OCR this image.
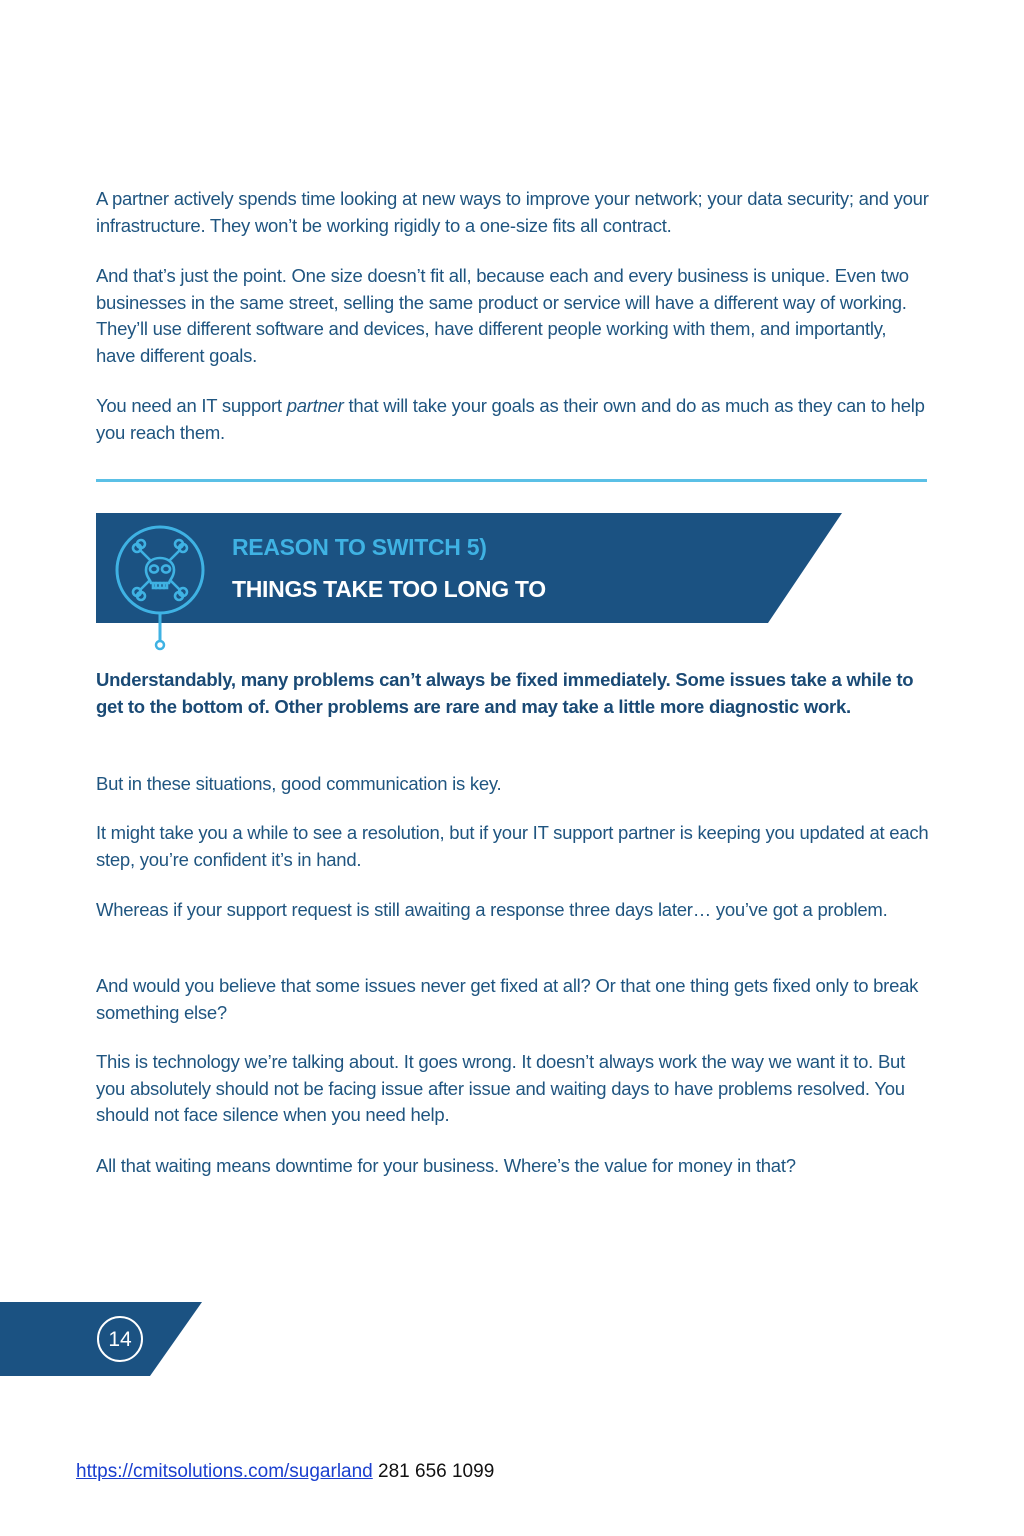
A partner actively spends time looking at new ways to improve your network; your data security; and your infrastructure. They won’t be working rigidly to a one-size fits all contract.

And that’s just the point. One size doesn’t fit all, because each and every business is unique. Even two businesses in the same street, selling the same product or service will have a different way of working. They’ll use different software and devices, have different people working with them, and importantly, have different goals.

You need an IT support partner that will take your goals as their own and do as much as they can to help you reach them.

REASON TO SWITCH 5)
THINGS TAKE TOO LONG TO

Understandably, many problems can’t always be fixed immediately. Some issues take a while to get to the bottom of. Other problems are rare and may take a little more diagnostic work.

But in these situations, good communication is key.

It might take you a while to see a resolution, but if your IT support partner is keeping you updated at each step, you’re confident it’s in hand.

Whereas if your support request is still awaiting a response three days later… you’ve got a problem.

And would you believe that some issues never get fixed at all? Or that one thing gets fixed only to break something else?

This is technology we’re talking about. It goes wrong. It doesn’t always work the way we want it to. But you absolutely should not be facing issue after issue and waiting days to have problems resolved. You should not face silence when you need help.

All that waiting means downtime for your business. Where’s the value for money in that?

14
https://cmitsolutions.com/sugarland 281 656 1099
